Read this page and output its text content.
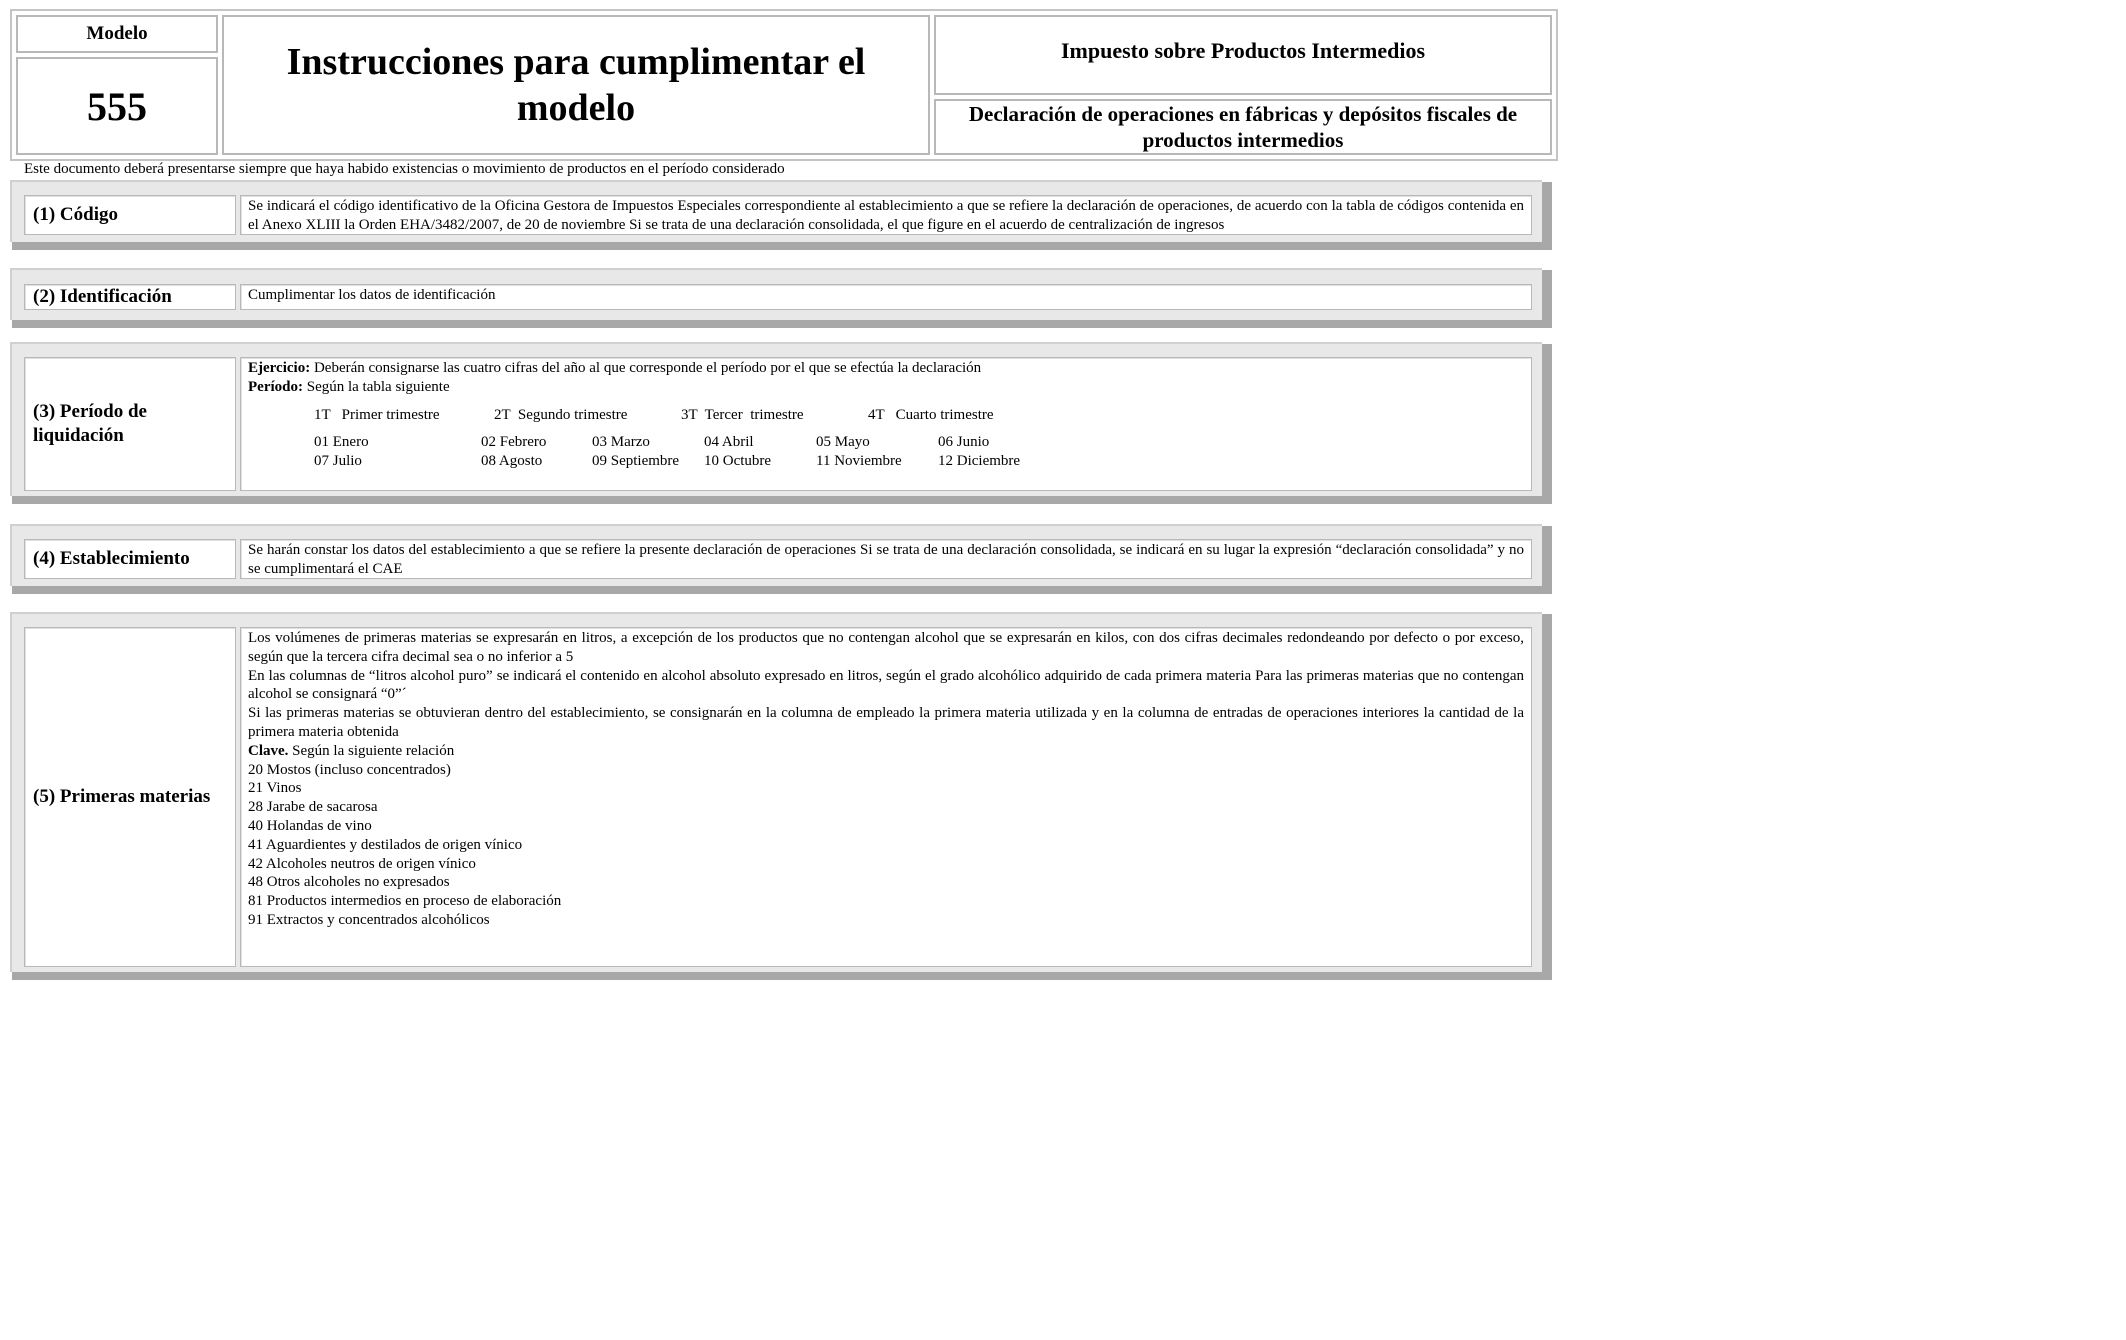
Modelo
555
Instrucciones para cumplimentar el modelo
Impuesto sobre Productos Intermedios
Declaración de operaciones en fábricas y depósitos fiscales de productos intermedios
Este documento deberá presentarse siempre que haya habido existencias o movimiento de productos en el período considerado
(1) Código	Se indicará el código identificativo de la Oficina Gestora de Impuestos Especiales correspondiente al establecimiento a que se refiere la declaración de operaciones, de acuerdo con la tabla de códigos contenida en el Anexo XLIII la Orden EHA/3482/2007, de 20 de noviembre Si se trata de una declaración consolidada, el que figure en el acuerdo de centralización de ingresos
(2) Identificación	Cumplimentar los datos de identificación
(3) Período de liquidación
Ejercicio: Deberán consignarse las cuatro cifras del año al que corresponde el período por el que se efectúa la declaración
Período: Según la tabla siguiente
1T   Primer trimestre	2T  Segundo trimestre	3T  Tercer  trimestre	4T   Cuarto trimestre
01 Enero	02 Febrero	03 Marzo	04 Abril	05 Mayo	06 Junio
07 Julio	08 Agosto	09 Septiembre	10 Octubre	11 Noviembre	12 Diciembre
(4) Establecimiento	Se harán constar los datos del establecimiento a que se refiere la presente declaración de operaciones Si se trata de una declaración consolidada, se indicará en su lugar la expresión “declaración consolidada” y no se cumplimentará el CAE
(5) Primeras materias
Los volúmenes de primeras materias se expresarán en litros, a excepción de los productos que no contengan alcohol que se expresarán en kilos, con dos cifras decimales redondeando por defecto o por exceso, según que la tercera cifra decimal sea o no inferior a 5
En las columnas de “litros alcohol puro” se indicará el contenido en alcohol absoluto expresado en litros, según el grado alcohólico adquirido de cada primera materia Para las primeras materias que no contengan alcohol se consignará “0”´
Si las primeras materias se obtuvieran dentro del establecimiento, se consignarán en la columna de empleado la primera materia utilizada y en la columna de entradas de operaciones interiores la cantidad de la primera materia obtenida
Clave. Según la siguiente relación
20 Mostos (incluso concentrados)
21 Vinos
28 Jarabe de sacarosa
40 Holandas de vino
41 Aguardientes y destilados de origen vínico
42 Alcoholes neutros de origen vínico
48 Otros alcoholes no expresados
81 Productos intermedios en proceso de elaboración
91 Extractos y concentrados alcohólicos
